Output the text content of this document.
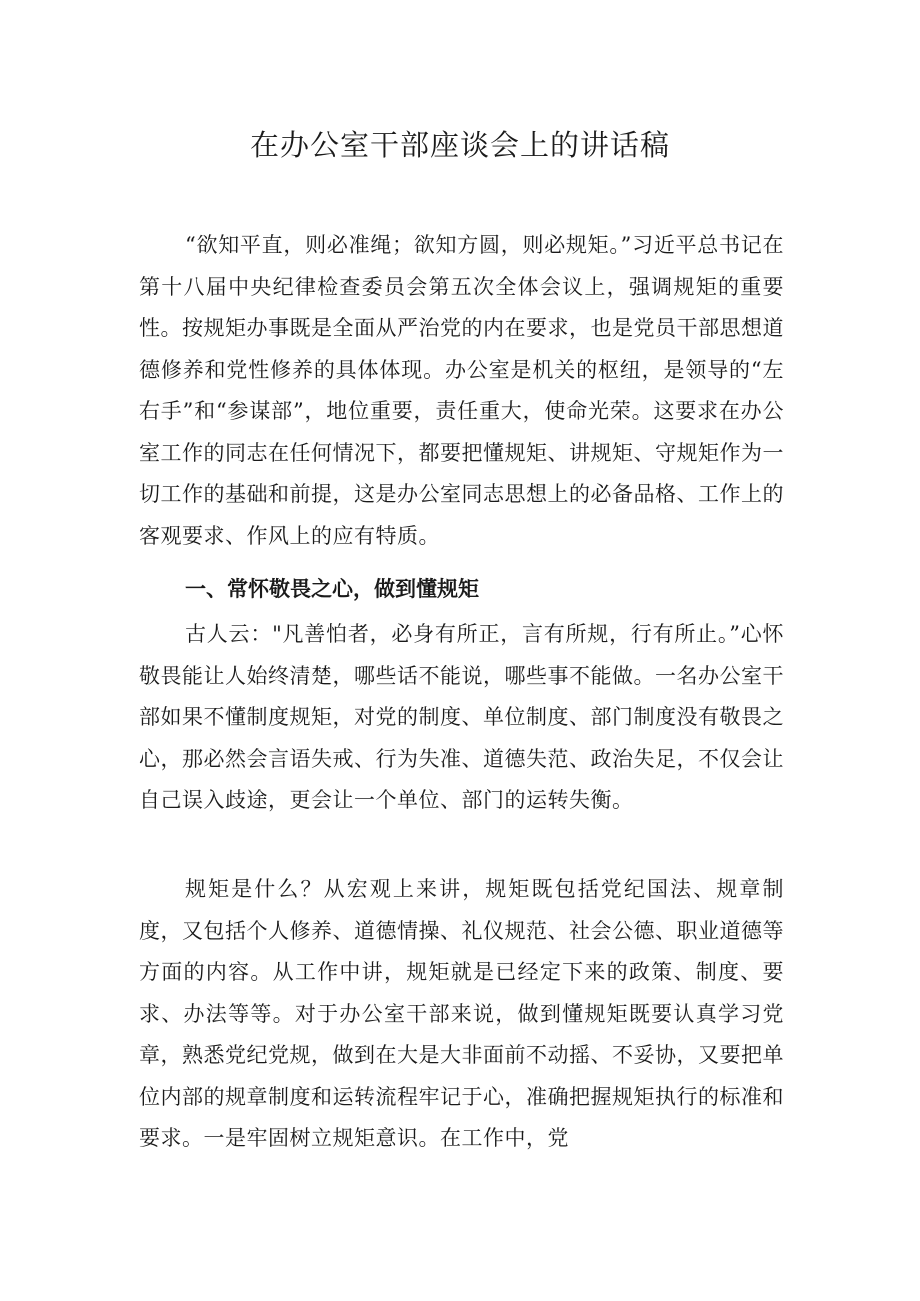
在办公室干部座谈会上的讲话稿

“欲知平直，则必准绳；欲知方圆，则必规矩。”习近平总书记在第十八届中央纪律检查委员会第五次全体会议上，强调规矩的重要性。按规矩办事既是全面从严治党的内在要求，也是党员干部思想道德修养和党性修养的具体体现。办公室是机关的枢纽，是领导的“左右手”和“参谋部”，地位重要，责任重大，使命光荣。这要求在办公室工作的同志在任何情况下，都要把懂规矩、讲规矩、守规矩作为一切工作的基础和前提，这是办公室同志思想上的必备品格、工作上的客观要求、作风上的应有特质。

一、常怀敬畏之心，做到懂规矩

古人云："凡善怕者，必身有所正，言有所规，行有所止。”心怀敬畏能让人始终清楚，哪些话不能说，哪些事不能做。一名办公室干部如果不懂制度规矩，对党的制度、单位制度、部门制度没有敬畏之心，那必然会言语失戒、行为失准、道德失范、政治失足，不仅会让自己误入歧途，更会让一个单位、部门的运转失衡。

规矩是什么？从宏观上来讲，规矩既包括党纪国法、规章制度，又包括个人修养、道德情操、礼仪规范、社会公德、职业道德等方面的内容。从工作中讲，规矩就是已经定下来的政策、制度、要求、办法等等。对于办公室干部来说，做到懂规矩既要认真学习党章，熟悉党纪党规，做到在大是大非面前不动摇、不妥协，又要把单位内部的规章制度和运转流程牢记于心，准确把握规矩执行的标准和要求。一是牢固树立规矩意识。在工作中，党
